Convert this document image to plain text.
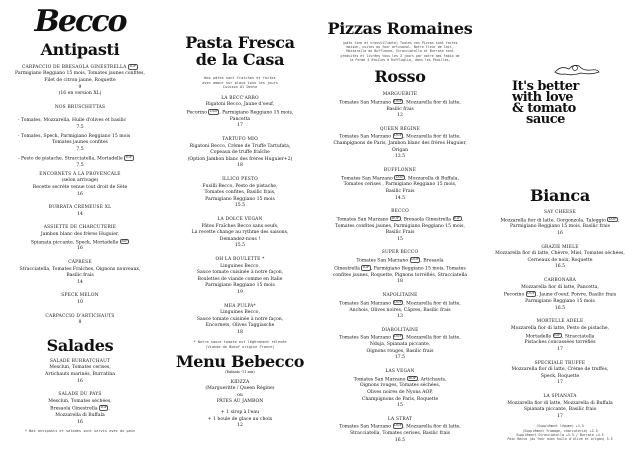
Becco
Antipasti
CARPACCIO DE BRESAOLA GINESTRELLA IGP
Parmigiano Reggiano 15 mois, Tomates jaunes confites,
Filet de citron jaune, Roquette
9
(16 en version XL)
NOS BRUSCHETTAS
- Tomates, Mozzarella, Huile d'olives et basilic
7.5
- Tomates, Speck, Parmigiano Reggiano 15 mois
Tomates jaunes confites
7.5
- Pesto de pistache, Stracciatella, Mortadelle IGP
7.5
ENCORNETS À LA PROVENCALE
(selon arrivage)
Recette secrète venue tout droit de Sète
16
BURRATA CRÉMEUSE XL
14
ASSIETTE DE CHARCUTERIE
Jambon blanc des frères Huguier,
Spianata piccante, Speck, Mortadelle IGP
16
CAPRESE
Stracciatella, Tomates Fraîches, Oignons nouveaux,
Basilic frais
14
SPECK MELON
10
CARPACCIO D'ARTICHAUTS
8
Salades
SALADE BURRATCHAUT
Mesclun, Tomates cerises,
Artichauts marinés, Burratina
16
SALADE DU PAYS
Mesclun, Tomates séchées,
Bresaola Ginestrella IGP ,
Mozzarella di Buffala
16
* Nos antipasti et salades sont servis avec du pain
Pasta Fresca
de la Casa
Nos pâtes sont fraîches et faites
avec amour sur place tous les jours
Cuisson Al Dente
LA BECC'ARBO
Rigatoni Becco, Jaune d'oeuf,
Pecorino DOP , Parmigiano Reggiano 15 mois,
Pancetta
17
TARTUFO MIO
Rigatoni Becco, Crème de Truffe Tartufata,
Copeaux de truffe fraîche
(Option Jambon blanc des frères Huguier+2)
18
ILLICO PESTO
Fusilli Becco, Pesto de pistache,
Tomates confites, Basilic frais,
Parmigiano Reggiano 15 mois
15.5
LA DOLCE VEGAN
Pâtes Fraîches Becco sans oeufs,
La recette change au rythme des saisons,
Demandez-nous !
15.5
OH LA BOULETTE *
Linguines Becco,
Sauce tomate cuisinée à notre façon,
Boulettes de viande comme en Italie
Parmigiano Reggiano 15 mois
19
MEA PULPA*
Linguines Becco,
Sauce tomate cuisinée à notre façon,
Encornets, Olives Taggiasche
18
* Notre sauce tomate est légèrement relevée
(Viande de Boeuf origine France)
Menu Bebecco
(Enfants -11 ans)
KIDZZA
(Margueritte / Queen Régine)
ou
PÂTES AU JAMBON
+ 1 sirop à l'eau
+ 1 boule de glace au choix
12
Pizzas Romaines
(pâte fine et croustillante) Toutes nos Pizzas sont faites
maison, cuites au four artisanal. Notre fleur de lait,
Mozzarella de Bufflonne, Stracciatella et Burrata sont
produites et livrées tous les 3 jours par notre ami Fabio de
la Ferme 4 étoiles à Rufflaglia, dans les Pouilles.
Rosso
MARGUERITE
Tomates San Marzano DOP , Mozzarella fior di latte,
Basilic frais
12
QUEEN RÉGINE
Tomates San Marzano DOP , Mozzarella fior di latte,
Champignons de Paris, Jambon blanc des frères Huguier,
Origan
13.5
BUFFLONNE
Tomates San Marzano DOP , Mozzarella di Buffala,
Tomates cerises , Parmigiano Reggiano 15 mois,
Basilic Frais
14.5
BECCO
Tomates San Marzano DOP , Bresaola Ginestrella IGP ,
Tomates confites jaunes, Parmigiano Reggiano 15 mois,
Basilic Frais
15
SUPER BECCO
Tomates San Marzano DOP , Bresaola
Ginestrella IGP , Parmigiano Reggiano 15 mois, Tomates
confites jaunes, Roquette, Pignons torréfiés, Stracciatella
18
NAPOLITAINE
Tomates San Marzano DOP , Mozzarella fior di latte,
Anchois, Olives noires, Câpres, Basilic frais
13
DIABOLITAINE
Tomates San Marzano DOP , Mozzarella fior di latte,
Nduja, Spianata piccante,
Oignons rouges, Basilic frais
17.5
LAS VEGAN
Tomates San Marzano DOP , Artichauts,
Oignons rouges, Tomates séchées,
Olives noires de Nyons AOP,
Champignons de Paris, Roquette
15
LA STRAT
Tomates San Marzano DOP , Mozzarella fior di latte,
Stracciatella, Tomates cerises, Basilic frais
16.5
It's better
with love
& tomato
sauce
Bianca
SAY CHEESE
Mozzarella fior di latte, Gorgonzola, Taleggio DOP ,
Parmigiano Reggiano 15 mois, Basilic frais
16
GRAZIE MIELE
Mozzarella fior di latte, Chèvre, Miel, Tomates séchées,
Cerneaux de noix, Roquette
16.5
CARBONARA
Mozzarella fior di latte, Pancetta,
Pecorino DOP , Jaune d'oeuf, Poivre, Basilic frais
Parmigiano Reggiano 15 mois
16.5
MORTELLE ADELE
Mozzarella fior di latte, Pesto de pistache,
Mortadelle IGP , Stracciatella
Pistaches concassées torréfiés
17
SPECKIALE TRUFFE
Mozzarella fior di latte, Crème de truffes,
Speck, Roquette
17
LA SPIANATA
Mozzarella fior di latte, Mozzarella di Buffala
Spianata piccante, Basilic frais
17
(Supplément légume) +1,5
(Supplément fromage, charcuterie) +2.5
Supplément Stracciatella +3.5 / Burrata +4.5
Pain Becco (au four avec huile d'olive et origan) 5.5
